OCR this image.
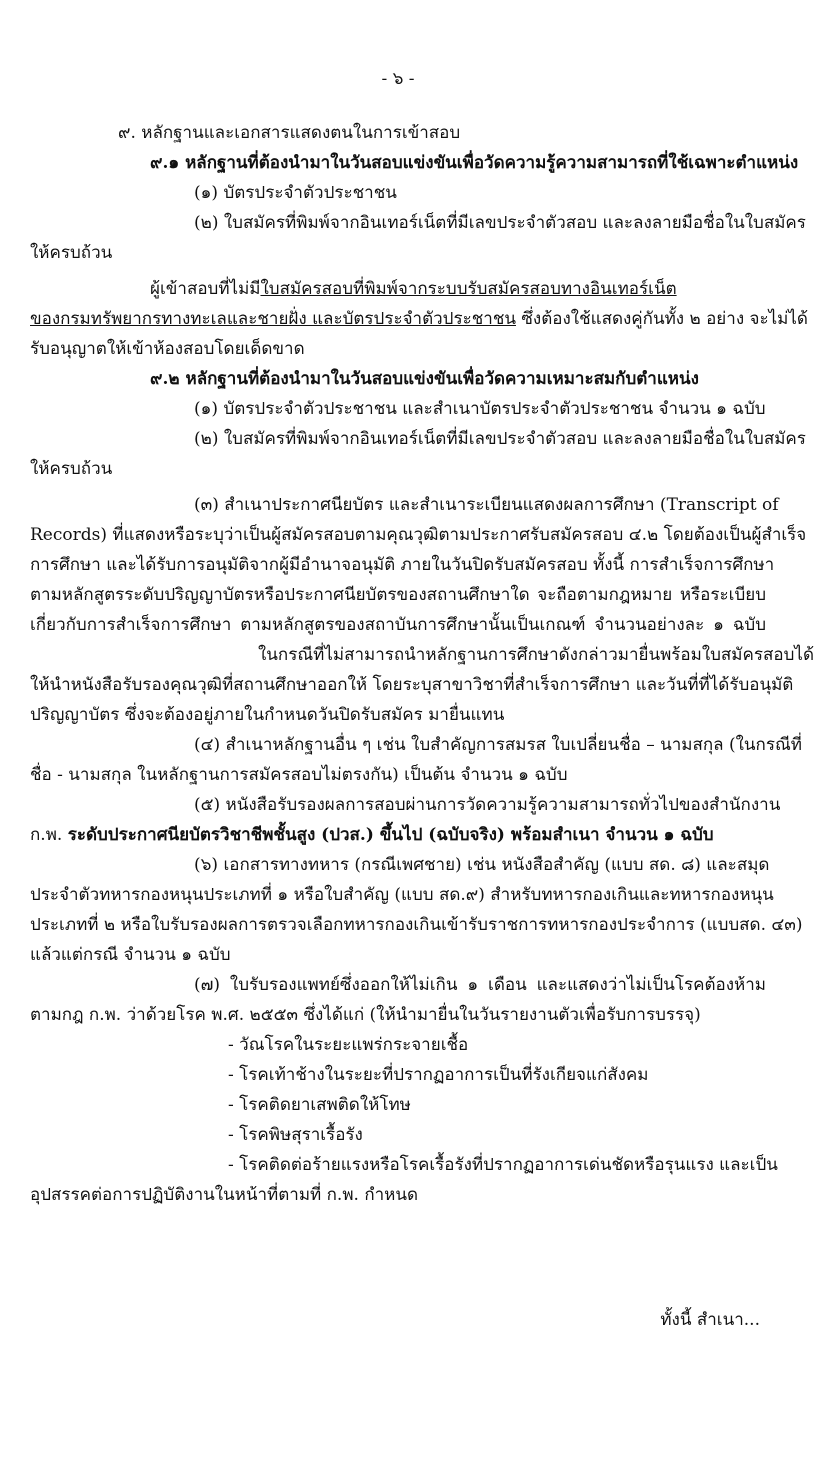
- ๖ -
๙. หลักฐานและเอกสารแสดงตนในการเข้าสอบ
๙.๑ หลักฐานที่ต้องนำมาในวันสอบแข่งขันเพื่อวัดความรู้ความสามารถที่ใช้เฉพาะตำแหน่ง
(๑) บัตรประจำตัวประชาชน
(๒) ใบสมัครที่พิมพ์จากอินเทอร์เน็ตที่มีเลขประจำตัวสอบ และลงลายมือชื่อในใบสมัคร
ให้ครบถ้วน
ผู้เข้าสอบที่ไม่มีใบสมัครสอบที่พิมพ์จากระบบรับสมัครสอบทางอินเทอร์เน็ต
ของกรมทรัพยากรทางทะเลและชายฝั่ง และบัตรประจำตัวประชาชน ซึ่งต้องใช้แสดงคู่กันทั้ง ๒ อย่าง จะไม่ได้
รับอนุญาตให้เข้าห้องสอบโดยเด็ดขาด
๙.๒ หลักฐานที่ต้องนำมาในวันสอบแข่งขันเพื่อวัดความเหมาะสมกับตำแหน่ง
(๑) บัตรประจำตัวประชาชน และสำเนาบัตรประจำตัวประชาชน จำนวน ๑ ฉบับ
(๒) ใบสมัครที่พิมพ์จากอินเทอร์เน็ตที่มีเลขประจำตัวสอบ และลงลายมือชื่อในใบสมัคร
ให้ครบถ้วน
(๓) สำเนาประกาศนียบัตร และสำเนาระเบียนแสดงผลการศึกษา (Transcript of
Records) ที่แสดงหรือระบุว่าเป็นผู้สมัครสอบตามคุณวุฒิตามประกาศรับสมัครสอบ ๔.๒ โดยต้องเป็นผู้สำเร็จ
การศึกษา และได้รับการอนุมัติจากผู้มีอำนาจอนุมัติ ภายในวันปิดรับสมัครสอบ ทั้งนี้ การสำเร็จการศึกษา
ตามหลักสูตรระดับปริญญาบัตรหรือประกาศนียบัตรของสถานศึกษาใด จะถือตามกฎหมาย หรือระเบียบ
เกี่ยวกับการสำเร็จการศึกษา ตามหลักสูตรของสถาบันการศึกษานั้นเป็นเกณฑ์ จำนวนอย่างละ ๑ ฉบับ
ในกรณีที่ไม่สามารถนำหลักฐานการศึกษาดังกล่าวมายื่นพร้อมใบสมัครสอบได้
ให้นำหนังสือรับรองคุณวุฒิที่สถานศึกษาออกให้ โดยระบุสาขาวิชาที่สำเร็จการศึกษา และวันที่ที่ได้รับอนุมัติ
ปริญญาบัตร ซึ่งจะต้องอยู่ภายในกำหนดวันปิดรับสมัคร มายื่นแทน
(๔) สำเนาหลักฐานอื่น ๆ เช่น ใบสำคัญการสมรส ใบเปลี่ยนชื่อ – นามสกุล (ในกรณีที่
ชื่อ - นามสกุล ในหลักฐานการสมัครสอบไม่ตรงกัน) เป็นต้น จำนวน ๑ ฉบับ
(๕) หนังสือรับรองผลการสอบผ่านการวัดความรู้ความสามารถทั่วไปของสำนักงาน
ก.พ. ระดับประกาศนียบัตรวิชาชีพชั้นสูง (ปวส.) ขึ้นไป (ฉบับจริง) พร้อมสำเนา จำนวน ๑ ฉบับ
(๖) เอกสารทางทหาร (กรณีเพศชาย) เช่น หนังสือสำคัญ (แบบ สด. ๘) และสมุด
ประจำตัวทหารกองหนุนประเภทที่ ๑ หรือใบสำคัญ (แบบ สด.๙) สำหรับทหารกองเกินและทหารกองหนุน
ประเภทที่ ๒ หรือใบรับรองผลการตรวจเลือกทหารกองเกินเข้ารับราชการทหารกองประจำการ (แบบสด. ๔๓)
แล้วแต่กรณี จำนวน ๑ ฉบับ
(๗) ใบรับรองแพทย์ซึ่งออกให้ไม่เกิน ๑ เดือน และแสดงว่าไม่เป็นโรคต้องห้าม
ตามกฎ ก.พ. ว่าด้วยโรค พ.ศ. ๒๕๕๓ ซึ่งได้แก่ (ให้นำมายื่นในวันรายงานตัวเพื่อรับการบรรจุ)
- วัณโรคในระยะแพร่กระจายเชื้อ
- โรคเท้าช้างในระยะที่ปรากฏอาการเป็นที่รังเกียจแก่สังคม
- โรคติดยาเสพติดให้โทษ
- โรคพิษสุราเรื้อรัง
- โรคติดต่อร้ายแรงหรือโรคเรื้อรังที่ปรากฏอาการเด่นชัดหรือรุนแรง และเป็น
อุปสรรคต่อการปฏิบัติงานในหน้าที่ตามที่ ก.พ. กำหนด
ทั้งนี้ สำเนา...
